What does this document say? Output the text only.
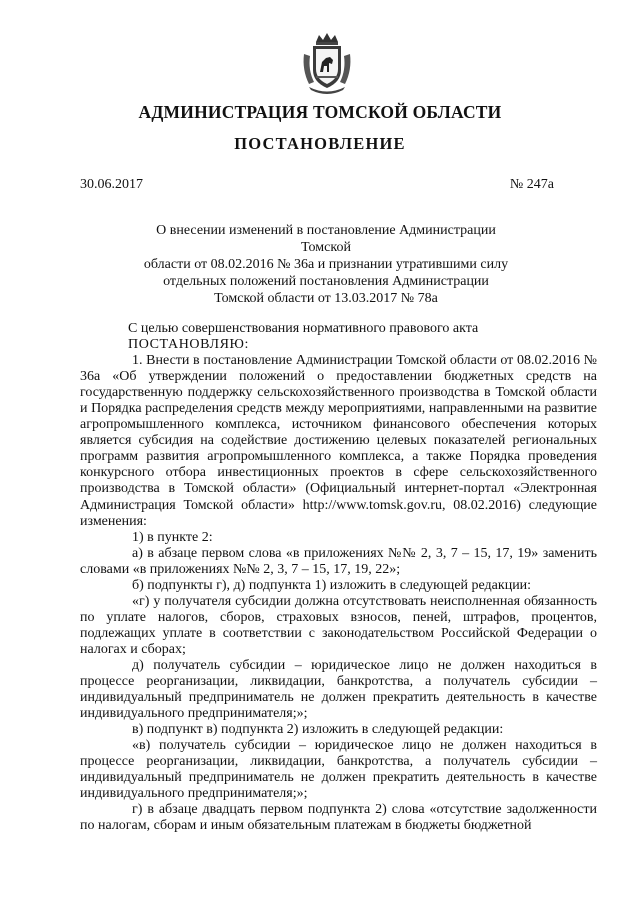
АДМИНИСТРАЦИЯ ТОМСКОЙ ОБЛАСТИ
ПОСТАНОВЛЕНИЕ
30.06.2017	№ 247а
О внесении изменений в постановление Администрации Томской
области от 08.02.2016 № 36а и признании утратившими силу
отдельных положений постановления Администрации
Томской области от 13.03.2017 № 78а

С целью совершенствования нормативного правового акта

ПОСТАНОВЛЯЮ:

1. Внести в постановление Администрации Томской области от 08.02.2016 № 36а «Об утверждении положений о предоставлении бюджетных средств на государственную поддержку сельскохозяйственного производства в Томской области и Порядка распределения средств между мероприятиями, направленными на развитие агропромышленного комплекса, источником финансового обеспечения которых является субсидия на содействие достижению целевых показателей региональных программ развития агропромышленного комплекса, а также Порядка проведения конкурсного отбора инвестиционных проектов в сфере сельскохозяйственного производства в Томской области» (Официальный интернет-портал «Электронная Администрация Томской области» http://www.tomsk.gov.ru, 08.02.2016) следующие изменения:

1) в пункте 2:

а) в абзаце первом слова «в приложениях №№ 2, 3, 7 – 15, 17, 19» заменить словами «в приложениях №№ 2, 3, 7 – 15, 17, 19, 22»;

б) подпункты г), д) подпункта 1) изложить в следующей редакции:

«г) у получателя субсидии должна отсутствовать неисполненная обязанность по уплате налогов, сборов, страховых взносов, пеней, штрафов, процентов, подлежащих уплате в соответствии с законодательством Российской Федерации о налогах и сборах;

д) получатель субсидии – юридическое лицо не должен находиться в процессе реорганизации, ликвидации, банкротства, а получатель субсидии – индивидуальный предприниматель не должен прекратить деятельность в качестве индивидуального предпринимателя;»;

в) подпункт в) подпункта 2) изложить в следующей редакции:

«в) получатель субсидии – юридическое лицо не должен находиться в процессе реорганизации, ликвидации, банкротства, а получатель субсидии – индивидуальный предприниматель не должен прекратить деятельность в качестве индивидуального предпринимателя;»;

г) в абзаце двадцать первом подпункта 2) слова «отсутствие задолженности по налогам, сборам и иным обязательным платежам в бюджеты бюджетной
